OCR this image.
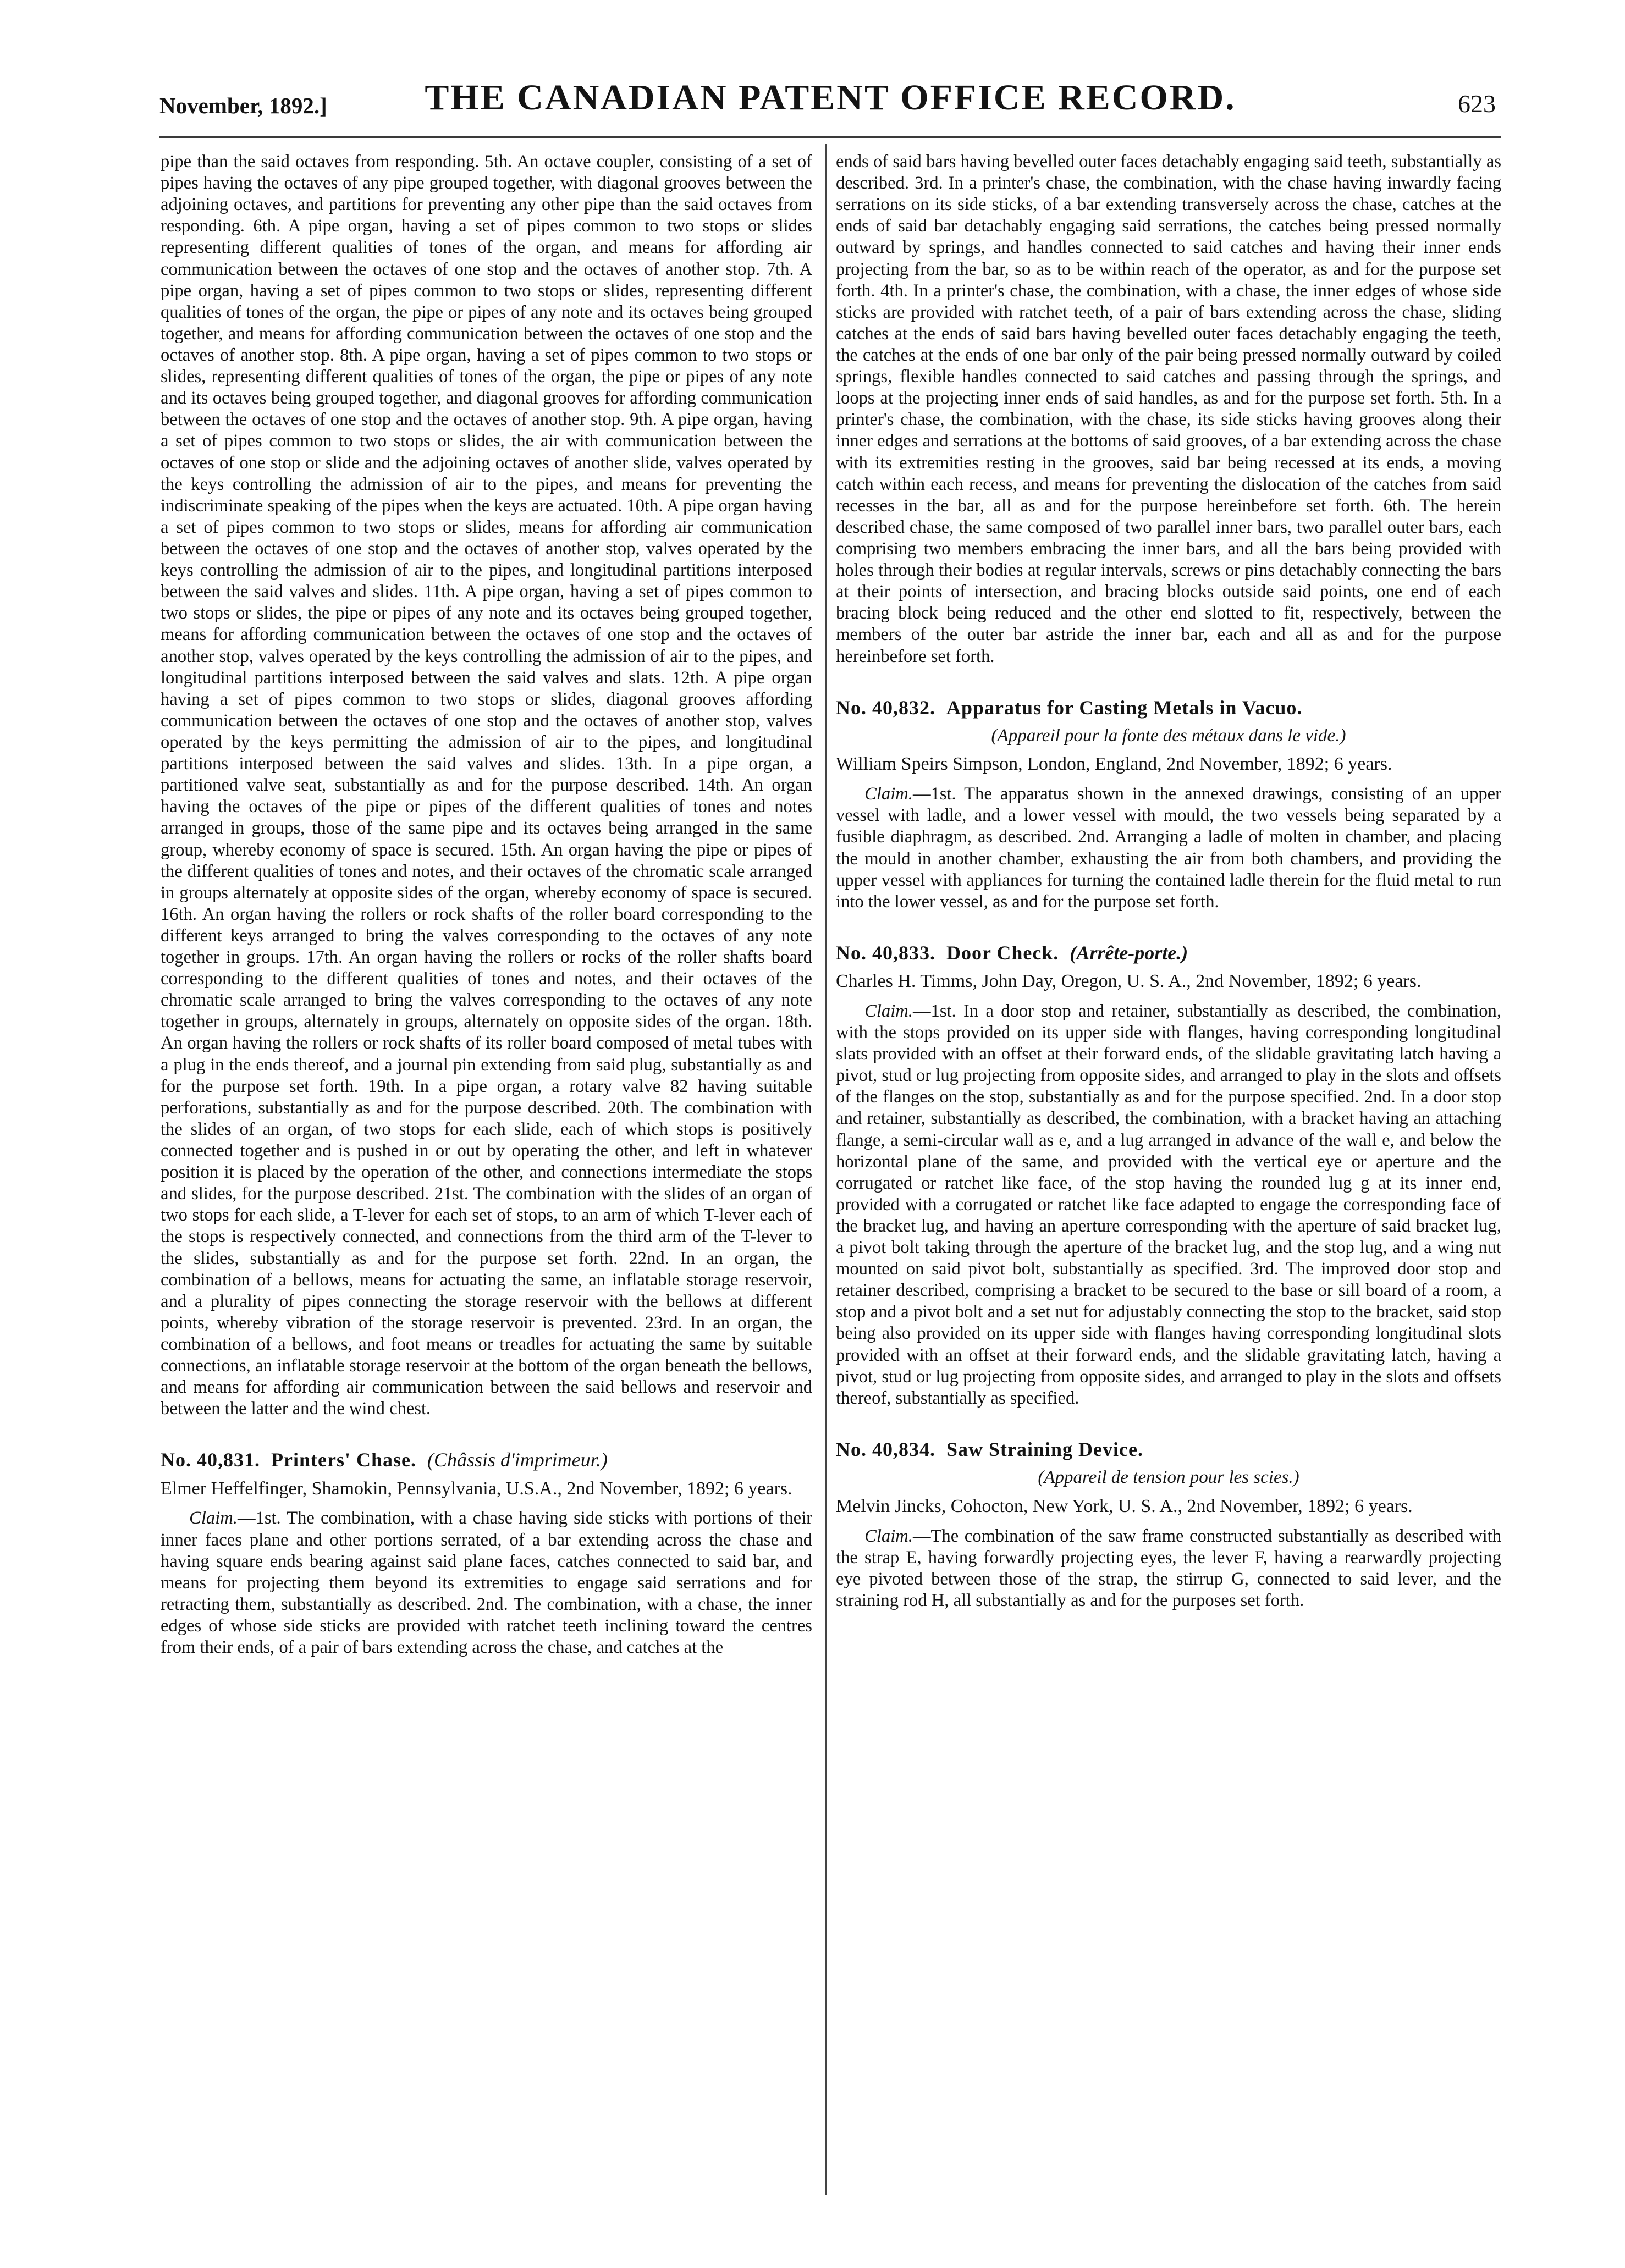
November, 1892.]	THE CANADIAN PATENT OFFICE RECORD.	623

pipe than the said octaves from responding. 5th. An octave coupler, consisting of a set of pipes having the octaves of any pipe grouped together, with diagonal grooves between the adjoining octaves, and partitions for preventing any other pipe than the said octaves from responding. 6th. A pipe organ, having a set of pipes common to two stops or slides representing different qualities of tones of the organ, and means for affording air communication between the octaves of one stop and the octaves of another stop. 7th. A pipe organ, having a set of pipes common to two stops or slides, representing different qualities of tones of the organ, the pipe or pipes of any note and its octaves being grouped together, and means for affording communication between the octaves of one stop and the octaves of another stop. 8th. A pipe organ, having a set of pipes common to two stops or slides, representing different qualities of tones of the organ, the pipe or pipes of any note and its octaves being grouped together, and diagonal grooves for affording communication between the octaves of one stop and the octaves of another stop. 9th. A pipe organ, having a set of pipes common to two stops or slides, the air with communication between the octaves of one stop or slide and the adjoining octaves of another slide, valves operated by the keys controlling the admission of air to the pipes, and means for preventing the indiscriminate speaking of the pipes when the keys are actuated. 10th. A pipe organ having a set of pipes common to two stops or slides, means for affording air communication between the octaves of one stop and the octaves of another stop, valves operated by the keys controlling the admission of air to the pipes, and longitudinal partitions interposed between the said valves and slides. 11th. A pipe organ, having a set of pipes common to two stops or slides, the pipe or pipes of any note and its octaves being grouped together, means for affording communication between the octaves of one stop and the octaves of another stop, valves operated by the keys controlling the admission of air to the pipes, and longitudinal partitions interposed between the said valves and slats. 12th. A pipe organ having a set of pipes common to two stops or slides, diagonal grooves affording communication between the octaves of one stop and the octaves of another stop, valves operated by the keys permitting the admission of air to the pipes, and longitudinal partitions interposed between the said valves and slides. 13th. In a pipe organ, a partitioned valve seat, substantially as and for the purpose described. 14th. An organ having the octaves of the pipe or pipes of the different qualities of tones and notes arranged in groups, those of the same pipe and its octaves being arranged in the same group, whereby economy of space is secured. 15th. An organ having the pipe or pipes of the different qualities of tones and notes, and their octaves of the chromatic scale arranged in groups alternately at opposite sides of the organ, whereby economy of space is secured. 16th. An organ having the rollers or rock shafts of the roller board corresponding to the different keys arranged to bring the valves corresponding to the octaves of any note together in groups. 17th. An organ having the rollers or rocks of the roller shafts board corresponding to the different qualities of tones and notes, and their octaves of the chromatic scale arranged to bring the valves corresponding to the octaves of any note together in groups, alternately in groups, alternately on opposite sides of the organ. 18th. An organ having the rollers or rock shafts of its roller board composed of metal tubes with a plug in the ends thereof, and a journal pin extending from said plug, substantially as and for the purpose set forth. 19th. In a pipe organ, a rotary valve 82 having suitable perforations, substantially as and for the purpose described. 20th. The combination with the slides of an organ, of two stops for each slide, each of which stops is positively connected together and is pushed in or out by operating the other, and left in whatever position it is placed by the operation of the other, and connections intermediate the stops and slides, for the purpose described. 21st. The combination with the slides of an organ of two stops for each slide, a T-lever for each set of stops, to an arm of which T-lever each of the stops is respectively connected, and connections from the third arm of the T-lever to the slides, substantially as and for the purpose set forth. 22nd. In an organ, the combination of a bellows, means for actuating the same, an inflatable storage reservoir, and a plurality of pipes connecting the storage reservoir with the bellows at different points, whereby vibration of the storage reservoir is prevented. 23rd. In an organ, the combination of a bellows, and foot means or treadles for actuating the same by suitable connections, an inflatable storage reservoir at the bottom of the organ beneath the bellows, and means for affording air communication between the said bellows and reservoir and between the latter and the wind chest.

No. 40,831. Printers' Chase. (Châssis d'imprimeur.)

Elmer Heffelfinger, Shamokin, Pennsylvania, U.S.A., 2nd November, 1892; 6 years.

Claim.—1st. The combination, with a chase having side sticks with portions of their inner faces plane and other portions serrated, of a bar extending across the chase and having square ends bearing against said plane faces, catches connected to said bar, and means for projecting them beyond its extremities to engage said serrations and for retracting them, substantially as described. 2nd. The combination, with a chase, the inner edges of whose side sticks are provided with ratchet teeth inclining toward the centres from their ends, of a pair of bars extending across the chase, and catches at the

ends of said bars having bevelled outer faces detachably engaging said teeth, substantially as described. 3rd. In a printer's chase, the combination, with the chase having inwardly facing serrations on its side sticks, of a bar extending transversely across the chase, catches at the ends of said bar detachably engaging said serrations, the catches being pressed normally outward by springs, and handles connected to said catches and having their inner ends projecting from the bar, so as to be within reach of the operator, as and for the purpose set forth. 4th. In a printer's chase, the combination, with a chase, the inner edges of whose side sticks are provided with ratchet teeth, of a pair of bars extending across the chase, sliding catches at the ends of said bars having bevelled outer faces detachably engaging the teeth, the catches at the ends of one bar only of the pair being pressed normally outward by coiled springs, flexible handles connected to said catches and passing through the springs, and loops at the projecting inner ends of said handles, as and for the purpose set forth. 5th. In a printer's chase, the combination, with the chase, its side sticks having grooves along their inner edges and serrations at the bottoms of said grooves, of a bar extending across the chase with its extremities resting in the grooves, said bar being recessed at its ends, a moving catch within each recess, and means for preventing the dislocation of the catches from said recesses in the bar, all as and for the purpose hereinbefore set forth. 6th. The herein described chase, the same composed of two parallel inner bars, two parallel outer bars, each comprising two members embracing the inner bars, and all the bars being provided with holes through their bodies at regular intervals, screws or pins detachably connecting the bars at their points of intersection, and bracing blocks outside said points, one end of each bracing block being reduced and the other end slotted to fit, respectively, between the members of the outer bar astride the inner bar, each and all as and for the purpose hereinbefore set forth.

No. 40,832. Apparatus for Casting Metals in Vacuo.

(Appareil pour la fonte des métaux dans le vide.)

William Speirs Simpson, London, England, 2nd November, 1892; 6 years.

Claim.—1st. The apparatus shown in the annexed drawings, consisting of an upper vessel with ladle, and a lower vessel with mould, the two vessels being separated by a fusible diaphragm, as described. 2nd. Arranging a ladle of molten in chamber, and placing the mould in another chamber, exhausting the air from both chambers, and providing the upper vessel with appliances for turning the contained ladle therein for the fluid metal to run into the lower vessel, as and for the purpose set forth.

No. 40,833. Door Check. (Arrête-porte.)

Charles H. Timms, John Day, Oregon, U. S. A., 2nd November, 1892; 6 years.

Claim.—1st. In a door stop and retainer, substantially as described, the combination, with the stops provided on its upper side with flanges, having corresponding longitudinal slats provided with an offset at their forward ends, of the slidable gravitating latch having a pivot, stud or lug projecting from opposite sides, and arranged to play in the slots and offsets of the flanges on the stop, substantially as and for the purpose specified. 2nd. In a door stop and retainer, substantially as described, the combination, with a bracket having an attaching flange, a semi-circular wall as e, and a lug arranged in advance of the wall e, and below the horizontal plane of the same, and provided with the vertical eye or aperture and the corrugated or ratchet like face, of the stop having the rounded lug g at its inner end, provided with a corrugated or ratchet like face adapted to engage the corresponding face of the bracket lug, and having an aperture corresponding with the aperture of said bracket lug, a pivot bolt taking through the aperture of the bracket lug, and the stop lug, and a wing nut mounted on said pivot bolt, substantially as specified. 3rd. The improved door stop and retainer described, comprising a bracket to be secured to the base or sill board of a room, a stop and a pivot bolt and a set nut for adjustably connecting the stop to the bracket, said stop being also provided on its upper side with flanges having corresponding longitudinal slots provided with an offset at their forward ends, and the slidable gravitating latch, having a pivot, stud or lug projecting from opposite sides, and arranged to play in the slots and offsets thereof, substantially as specified.

No. 40,834. Saw Straining Device.

(Appareil de tension pour les scies.)

Melvin Jincks, Cohocton, New York, U. S. A., 2nd November, 1892; 6 years.

Claim.—The combination of the saw frame constructed substantially as described with the strap E, having forwardly projecting eyes, the lever F, having a rearwardly projecting eye pivoted between those of the strap, the stirrup G, connected to said lever, and the straining rod H, all substantially as and for the purposes set forth.
